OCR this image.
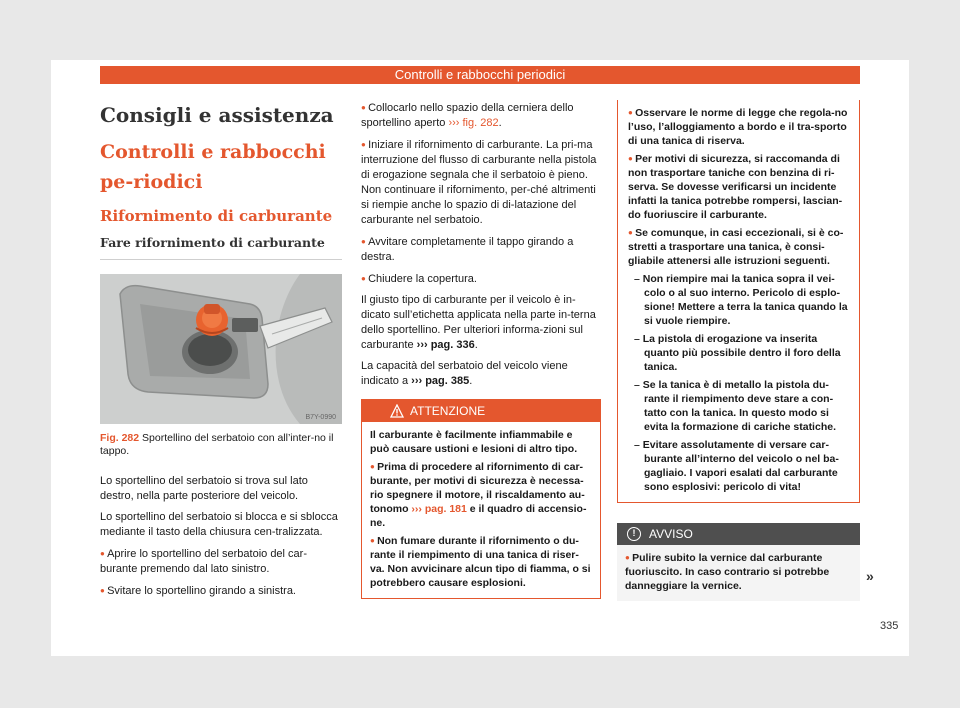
Controlli e rabbocchi periodici
Consigli e assistenza
Controlli e rabbocchi pe-riodici
Rifornimento di carburante
Fare rifornimento di carburante
B7Y-0990
Fig. 282 Sportellino del serbatoio con all’inter-no il tappo.

Lo sportellino del serbatoio si trova sul lato destro, nella parte posteriore del veicolo.

Lo sportellino del serbatoio si blocca e si sblocca mediante il tasto della chiusura cen-tralizzata.

● Aprire lo sportellino del serbatoio del car-burante premendo dal lato sinistro.

● Svitare lo sportellino girando a sinistra.

● Collocarlo nello spazio della cerniera dello sportellino aperto ››› fig. 282.

● Iniziare il rifornimento di carburante. La pri-ma interruzione del flusso di carburante nella pistola di erogazione segnala che il serbatoio è pieno. Non continuare il rifornimento, per-ché altrimenti si riempie anche lo spazio di di-latazione del carburante nel serbatoio.

● Avvitare completamente il tappo girando a destra.

● Chiudere la copertura.

Il giusto tipo di carburante per il veicolo è in-dicato sull’etichetta applicata nella parte in-terna dello sportellino. Per ulteriori informa-zioni sul carburante ››› pag. 336.

La capacità del serbatoio del veicolo viene indicato a ››› pag. 385.

ATTENZIONE

Il carburante è facilmente infiammabile e può causare ustioni e lesioni di altro tipo.

● Prima di procedere al rifornimento di car-burante, per motivi di sicurezza è necessa-rio spegnere il motore, il riscaldamento au-tonomo ››› pag. 181 e il quadro di accensio-ne.

● Non fumare durante il rifornimento o du-rante il riempimento di una tanica di riser-va. Non avvicinare alcun tipo di fiamma, o si potrebbero causare esplosioni.

● Osservare le norme di legge che regola-no l’uso, l’alloggiamento a bordo e il tra-sporto di una tanica di riserva.

● Per motivi di sicurezza, si raccomanda di non trasportare taniche con benzina di ri-serva. Se dovesse verificarsi un incidente infatti la tanica potrebbe rompersi, lascian-do fuoriuscire il carburante.

● Se comunque, in casi eccezionali, si è co-stretti a trasportare una tanica, è consi-gliabile attenersi alle istruzioni seguenti.

– Non riempire mai la tanica sopra il vei-colo o al suo interno. Pericolo di esplo-sione! Mettere a terra la tanica quando la si vuole riempire.

– La pistola di erogazione va inserita quanto più possibile dentro il foro della tanica.

– Se la tanica è di metallo la pistola du-rante il riempimento deve stare a con-tatto con la tanica. In questo modo si evita la formazione di cariche statiche.

– Evitare assolutamente di versare car-burante all’interno del veicolo o nel ba-gagliaio. I vapori esalati dal carburante sono esplosivi: pericolo di vita!

!	AVVISO

● Pulire subito la vernice dal carburante fuoriuscito. In caso contrario si potrebbe danneggiare la vernice.

»
335
